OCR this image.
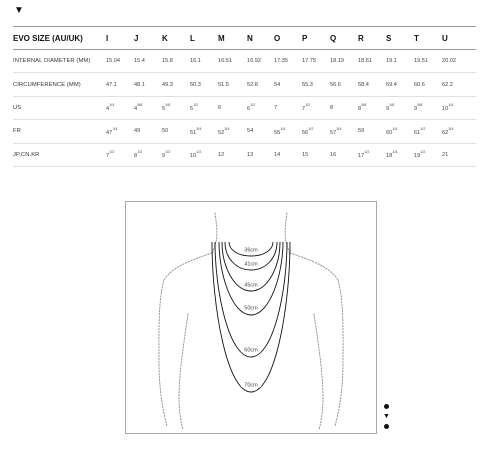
▼
EVO SIZE (AU/UK)	I	J	K	L	M	N	O	P	Q	R	S	T	U
INTERNAL DIAMETER (MM)	15.04	15.4	15.8	16.1	16.51	16.92	17.35	17.75	18.19	18.61	19.1	19.51	20.02
CIRCUMFERENCE (MM)	47.1	48.1	49.3	50.3	51.5	52.8	54	55.3	56.6	58.4	59.4	60.6	62.2
US	$4^{1/4}$	$4^{5/8}$	$5^{1/8}$	$5^{1/2}$	6	$6^{1/2}$	7	$7^{1/2}$	8	$8^{5/8}$	$9^{1/8}$	$9^{5/8}$	$10^{1/4}$
FR	$47^{.54}$	49	50	$51^{3/4}$	$52^{3/4}$	54	$55^{1/4}$	$56^{1/2}$	$57^{3/4}$	59	$60^{1/4}$	$61^{1/2}$	$62^{3/4}$
JP,CN,KR	$7^{1/2}$	$8^{1/2}$	$9^{1/2}$	$10^{1/2}$	12	13	14	15	16	$17^{1/2}$	$18^{1/4}$	$19^{1/2}$	21
36cm
41cm
45cm
50cm
60cm
70cm
▼
